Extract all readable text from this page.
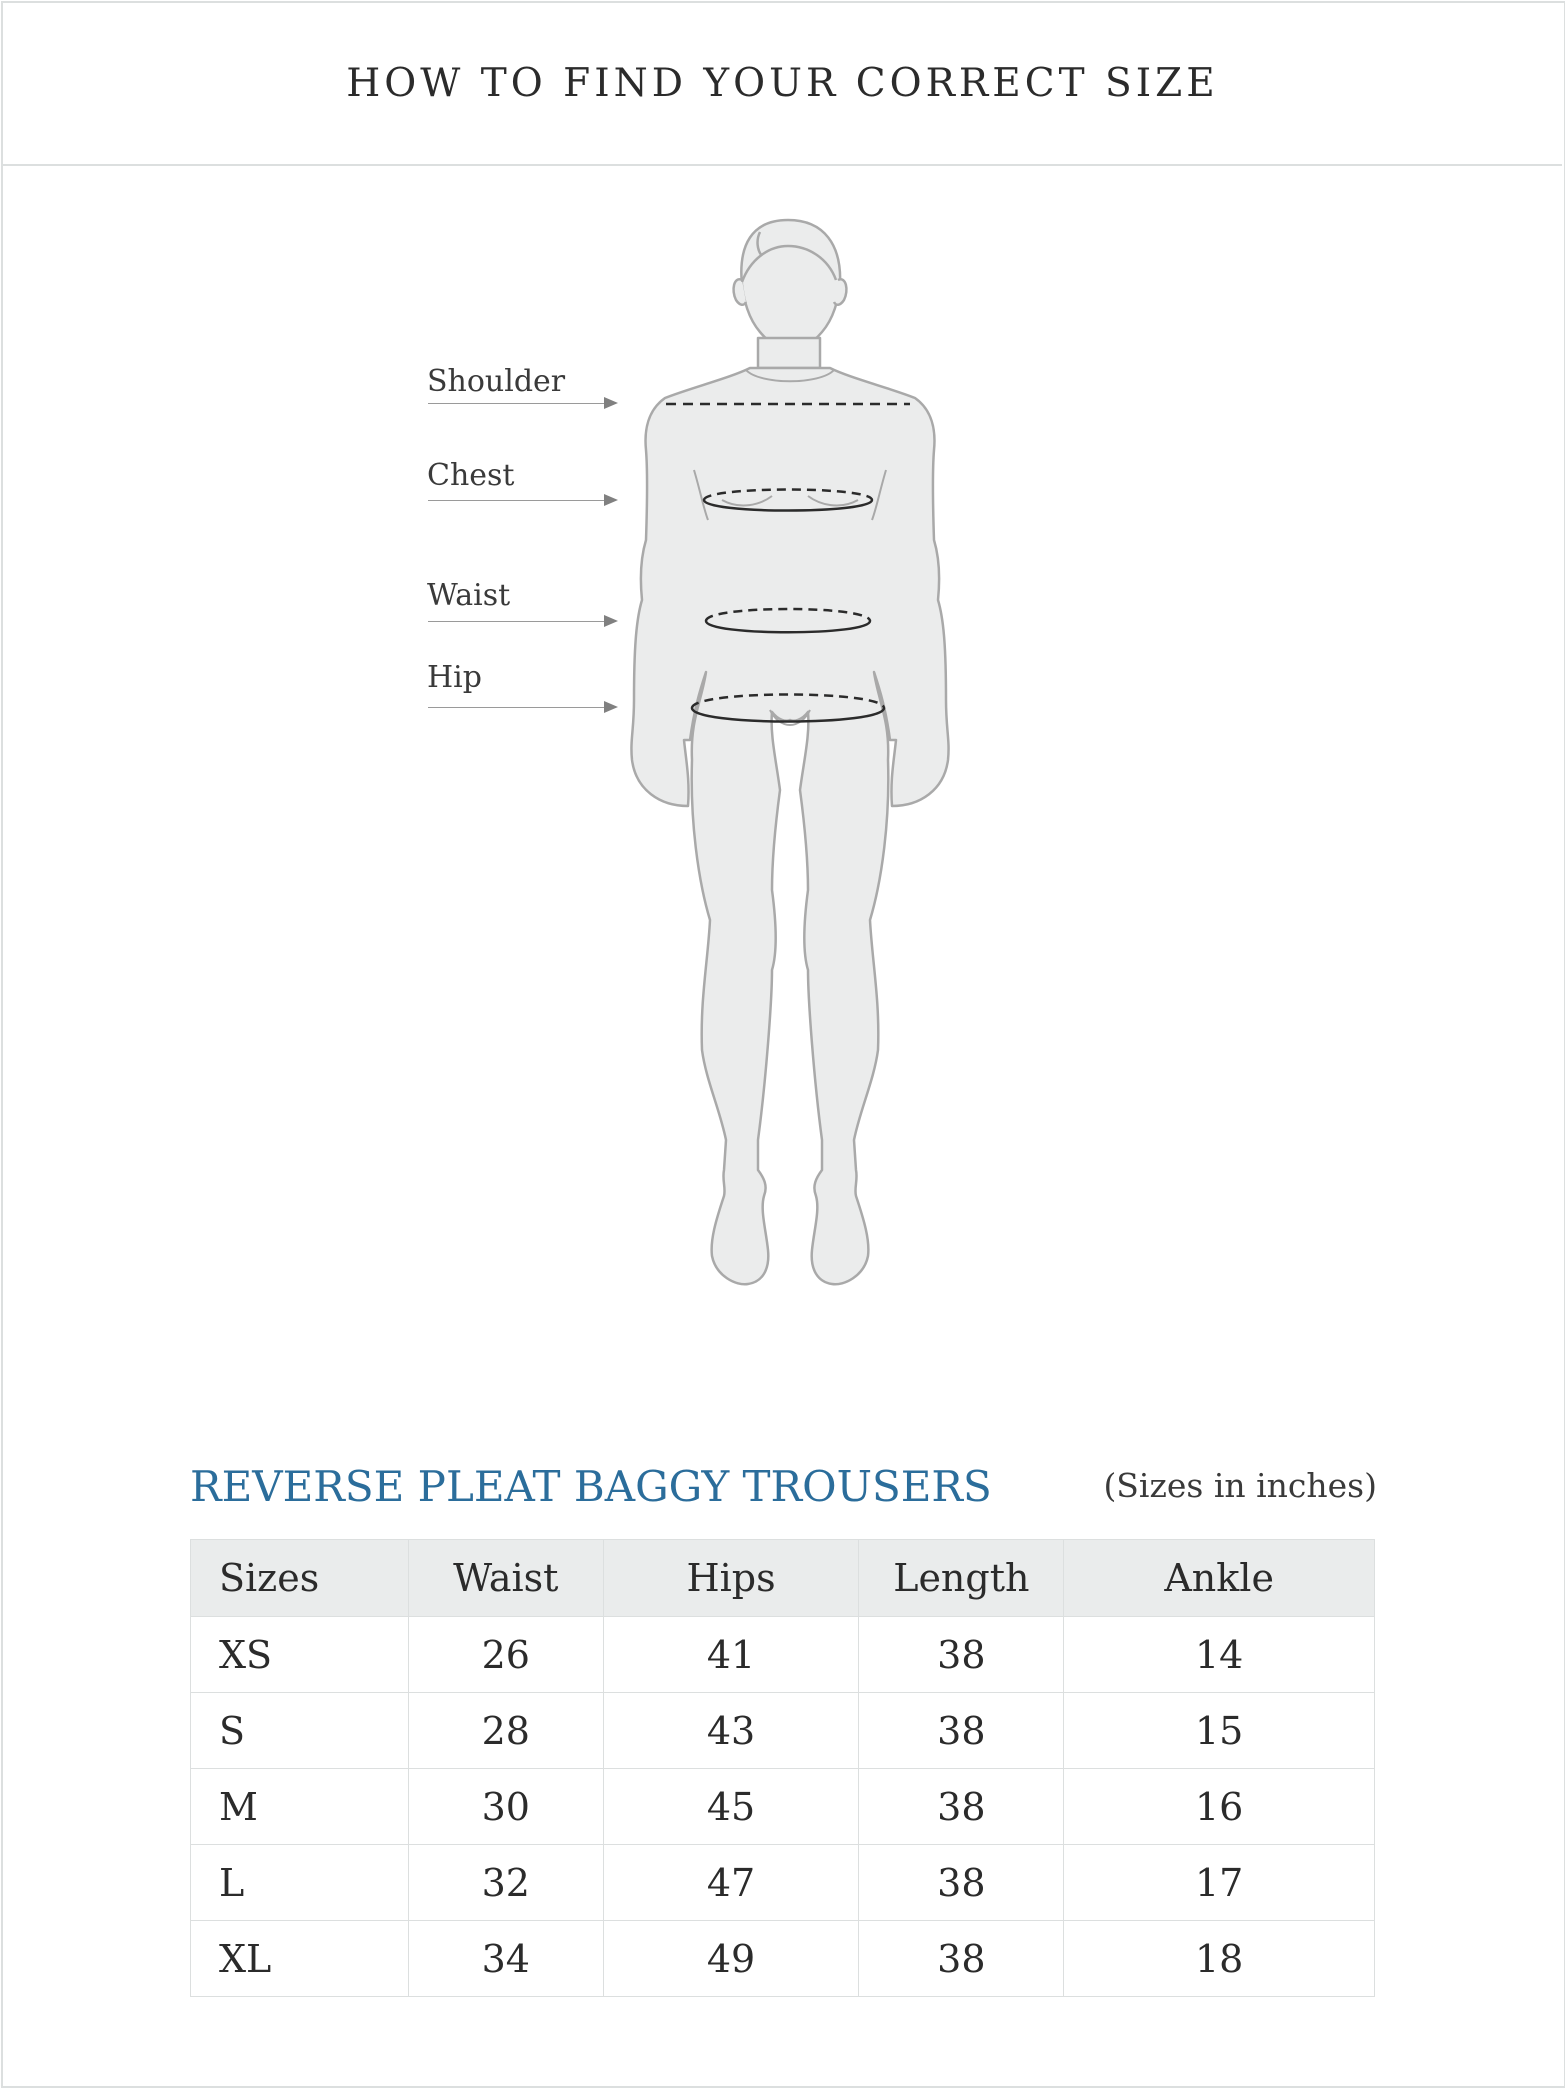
HOW TO FIND YOUR CORRECT SIZE
Shoulder
Chest
Waist
Hip
REVERSE PLEAT BAGGY TROUSERS	(Sizes in inches)
Sizes	Waist	Hips	Length	Ankle
XS	26	41	38	14
S	28	43	38	15
M	30	45	38	16
L	32	47	38	17
XL	34	49	38	18
